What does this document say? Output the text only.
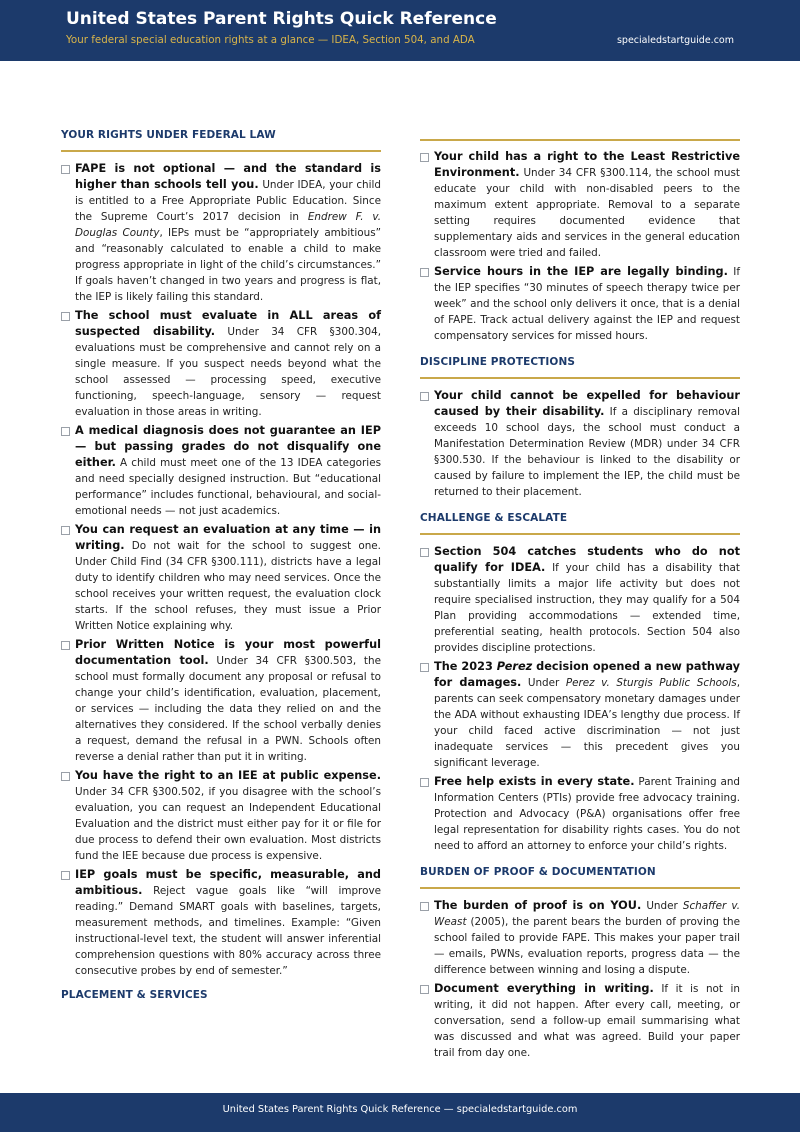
United States Parent Rights Quick Reference
Your federal special education rights at a glance — IDEA, Section 504, and ADA	specialedstartguide.com
YOUR RIGHTS UNDER FEDERAL LAW
FAPE is not optional — and the standard is higher than schools tell you. Under IDEA, your child is entitled to a Free Appropriate Public Education. Since the Supreme Court’s 2017 decision in Endrew F. v. Douglas County, IEPs must be “appropriately ambitious” and “reasonably calculated to enable a child to make progress appropriate in light of the child’s circumstances.” If goals haven’t changed in two years and progress is flat, the IEP is likely failing this standard.
The school must evaluate in ALL areas of suspected disability. Under 34 CFR §300.304, evaluations must be comprehensive and cannot rely on a single measure. If you suspect needs beyond what the school assessed — processing speed, executive functioning, speech-language, sensory — request evaluation in those areas in writing.
A medical diagnosis does not guarantee an IEP — but passing grades do not disqualify one either. A child must meet one of the 13 IDEA categories and need specially designed instruction. But “educational performance” includes functional, behavioural, and social-emotional needs — not just academics.
You can request an evaluation at any time — in writing. Do not wait for the school to suggest one. Under Child Find (34 CFR §300.111), districts have a legal duty to identify children who may need services. Once the school receives your written request, the evaluation clock starts. If the school refuses, they must issue a Prior Written Notice explaining why.
Prior Written Notice is your most powerful documentation tool. Under 34 CFR §300.503, the school must formally document any proposal or refusal to change your child’s identification, evaluation, placement, or services — including the data they relied on and the alternatives they considered. If the school verbally denies a request, demand the refusal in a PWN. Schools often reverse a denial rather than put it in writing.
You have the right to an IEE at public expense. Under 34 CFR §300.502, if you disagree with the school’s evaluation, you can request an Independent Educational Evaluation and the district must either pay for it or file for due process to defend their own evaluation. Most districts fund the IEE because due process is expensive.
IEP goals must be specific, measurable, and ambitious. Reject vague goals like “will improve reading.” Demand SMART goals with baselines, targets, measurement methods, and timelines. Example: “Given instructional-level text, the student will answer inferential comprehension questions with 80% accuracy across three consecutive probes by end of semester.”
PLACEMENT & SERVICES
Your child has a right to the Least Restrictive Environment. Under 34 CFR §300.114, the school must educate your child with non-disabled peers to the maximum extent appropriate. Removal to a separate setting requires documented evidence that supplementary aids and services in the general education classroom were tried and failed.
Service hours in the IEP are legally binding. If the IEP specifies “30 minutes of speech therapy twice per week” and the school only delivers it once, that is a denial of FAPE. Track actual delivery against the IEP and request compensatory services for missed hours.
DISCIPLINE PROTECTIONS
Your child cannot be expelled for behaviour caused by their disability. If a disciplinary removal exceeds 10 school days, the school must conduct a Manifestation Determination Review (MDR) under 34 CFR §300.530. If the behaviour is linked to the disability or caused by failure to implement the IEP, the child must be returned to their placement.
CHALLENGE & ESCALATE
Section 504 catches students who do not qualify for IDEA. If your child has a disability that substantially limits a major life activity but does not require specialised instruction, they may qualify for a 504 Plan providing accommodations — extended time, preferential seating, health protocols. Section 504 also provides discipline protections.
The 2023 Perez decision opened a new pathway for damages. Under Perez v. Sturgis Public Schools, parents can seek compensatory monetary damages under the ADA without exhausting IDEA’s lengthy due process. If your child faced active discrimination — not just inadequate services — this precedent gives you significant leverage.
Free help exists in every state. Parent Training and Information Centers (PTIs) provide free advocacy training. Protection and Advocacy (P&A) organisations offer free legal representation for disability rights cases. You do not need to afford an attorney to enforce your child’s rights.
BURDEN OF PROOF & DOCUMENTATION
The burden of proof is on YOU. Under Schaffer v. Weast (2005), the parent bears the burden of proving the school failed to provide FAPE. This makes your paper trail — emails, PWNs, evaluation reports, progress data — the difference between winning and losing a dispute.
Document everything in writing. If it is not in writing, it did not happen. After every call, meeting, or conversation, send a follow-up email summarising what was discussed and what was agreed. Build your paper trail from day one.
United States Parent Rights Quick Reference — specialedstartguide.com
